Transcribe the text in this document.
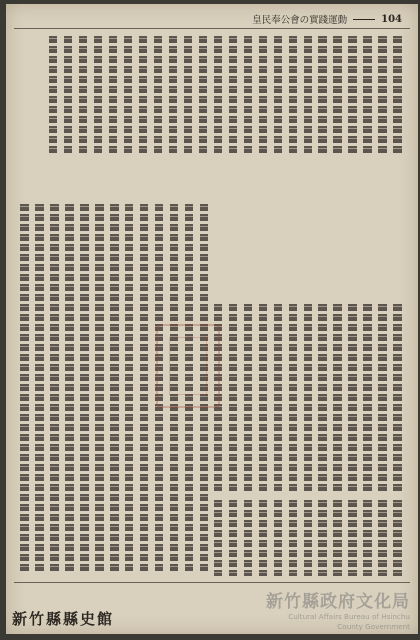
皇民奉公會の實踐運動	104
新竹縣縣史館
新竹縣政府文化局
Cultural Affairs Bureau of Hsinchu
County Government
